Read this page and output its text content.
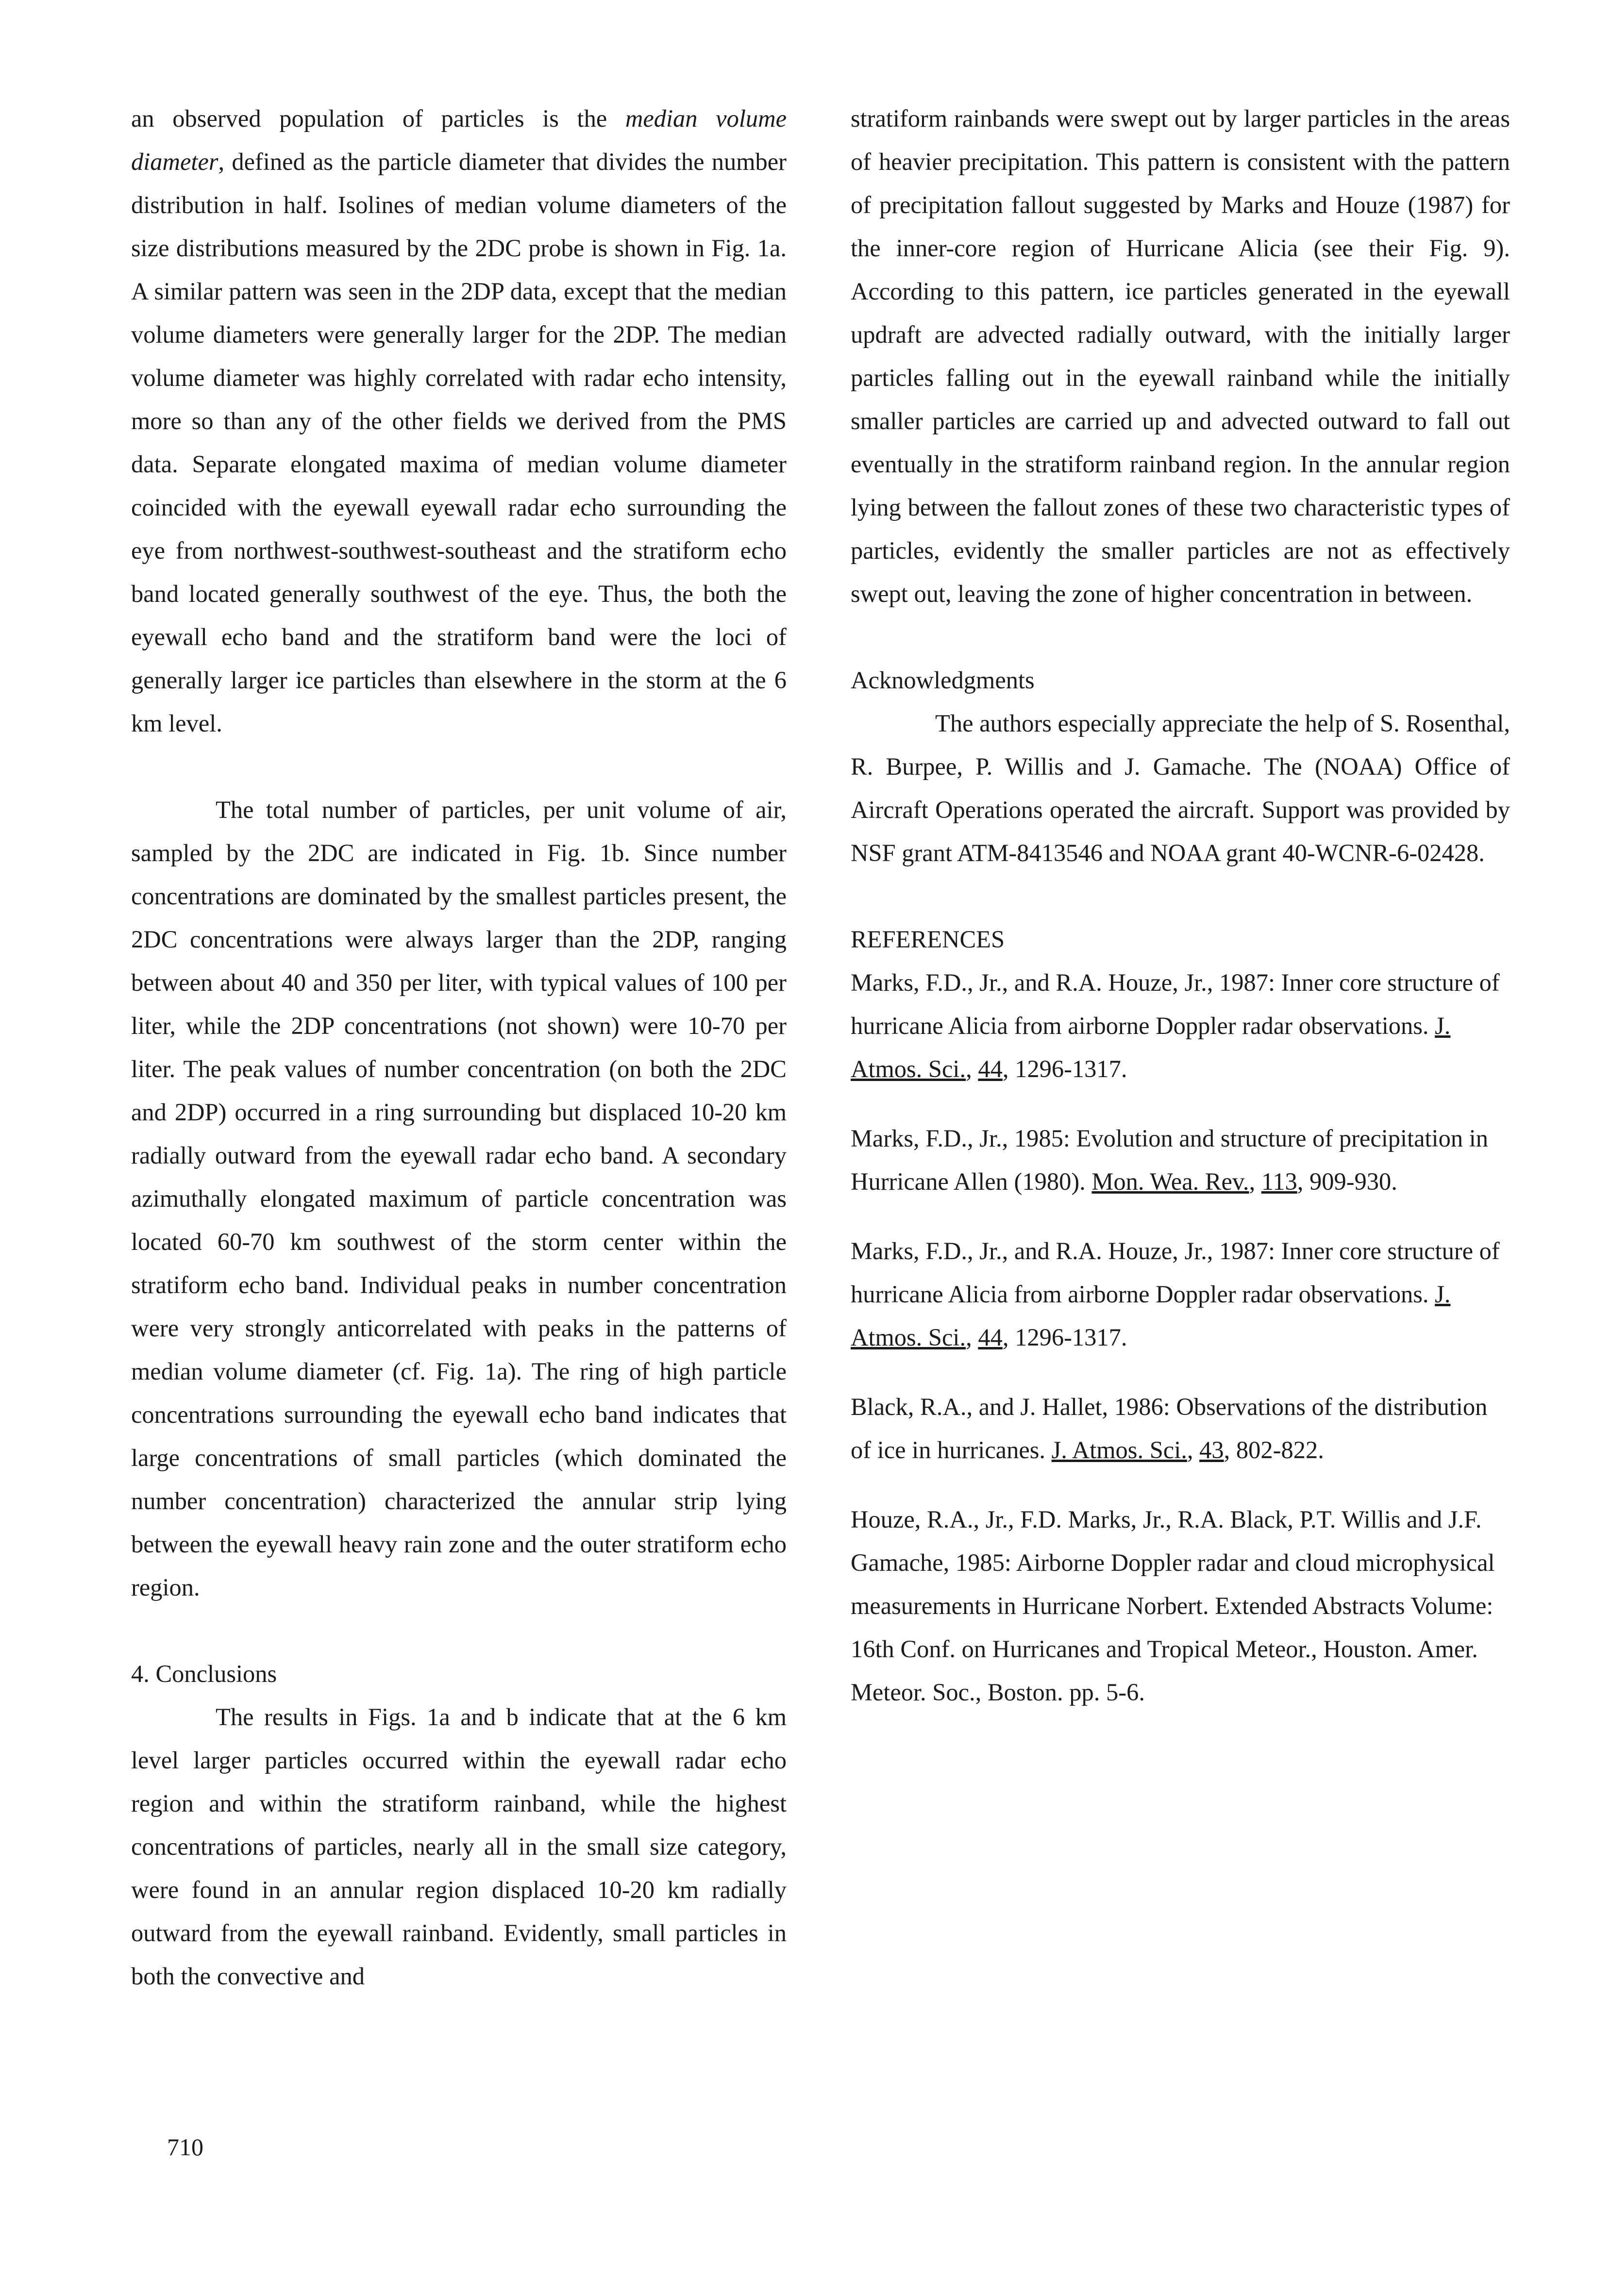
an observed population of particles is the median volume diameter, defined as the particle diameter that divides the number distribution in half. Isolines of median volume diameters of the size distributions measured by the 2DC probe is shown in Fig. 1a. A similar pattern was seen in the 2DP data, except that the median volume diameters were generally larger for the 2DP. The median volume diameter was highly correlated with radar echo intensity, more so than any of the other fields we derived from the PMS data. Separate elongated maxima of median volume diameter coincided with the eyewall eyewall radar echo surrounding the eye from northwest-southwest-southeast and the stratiform echo band located generally southwest of the eye. Thus, the both the eyewall echo band and the stratiform band were the loci of generally larger ice particles than elsewhere in the storm at the 6 km level.

The total number of particles, per unit volume of air, sampled by the 2DC are indicated in Fig. 1b. Since number concentrations are dominated by the smallest particles present, the 2DC concentrations were always larger than the 2DP, ranging between about 40 and 350 per liter, with typical values of 100 per liter, while the 2DP concentrations (not shown) were 10-70 per liter. The peak values of number concentration (on both the 2DC and 2DP) occurred in a ring surrounding but displaced 10-20 km radially outward from the eyewall radar echo band. A secondary azimuthally elongated maximum of particle concentration was located 60-70 km southwest of the storm center within the stratiform echo band. Individual peaks in number concentration were very strongly anticorrelated with peaks in the patterns of median volume diameter (cf. Fig. 1a). The ring of high particle concentrations surrounding the eyewall echo band indicates that large concentrations of small particles (which dominated the number concentration) characterized the annular strip lying between the eyewall heavy rain zone and the outer stratiform echo region.

4. Conclusions

The results in Figs. 1a and b indicate that at the 6 km level larger particles occurred within the eyewall radar echo region and within the stratiform rainband, while the highest concentrations of particles, nearly all in the small size category, were found in an annular region displaced 10-20 km radially outward from the eyewall rainband. Evidently, small particles in both the convective and

stratiform rainbands were swept out by larger particles in the areas of heavier precipitation. This pattern is consistent with the pattern of precipitation fallout suggested by Marks and Houze (1987) for the inner-core region of Hurricane Alicia (see their Fig. 9). According to this pattern, ice particles generated in the eyewall updraft are advected radially outward, with the initially larger particles falling out in the eyewall rainband while the initially smaller particles are carried up and advected outward to fall out eventually in the stratiform rainband region. In the annular region lying between the fallout zones of these two characteristic types of particles, evidently the smaller particles are not as effectively swept out, leaving the zone of higher concentration in between.

Acknowledgments

The authors especially appreciate the help of S. Rosenthal, R. Burpee, P. Willis and J. Gamache. The (NOAA) Office of Aircraft Operations operated the aircraft. Support was provided by NSF grant ATM-8413546 and NOAA grant 40-WCNR-6-02428.

REFERENCES

Marks, F.D., Jr., and R.A. Houze, Jr., 1987: Inner core structure of hurricane Alicia from airborne Doppler radar observations. J. Atmos. Sci., 44, 1296-1317.

Marks, F.D., Jr., 1985: Evolution and structure of precipitation in Hurricane Allen (1980). Mon. Wea. Rev., 113, 909-930.

Marks, F.D., Jr., and R.A. Houze, Jr., 1987: Inner core structure of hurricane Alicia from airborne Doppler radar observations. J. Atmos. Sci., 44, 1296-1317.

Black, R.A., and J. Hallet, 1986: Observations of the distribution of ice in hurricanes. J. Atmos. Sci., 43, 802-822.

Houze, R.A., Jr., F.D. Marks, Jr., R.A. Black, P.T. Willis and J.F. Gamache, 1985: Airborne Doppler radar and cloud microphysical measurements in Hurricane Norbert. Extended Abstracts Volume: 16th Conf. on Hurricanes and Tropical Meteor., Houston. Amer. Meteor. Soc., Boston. pp. 5-6.

710
